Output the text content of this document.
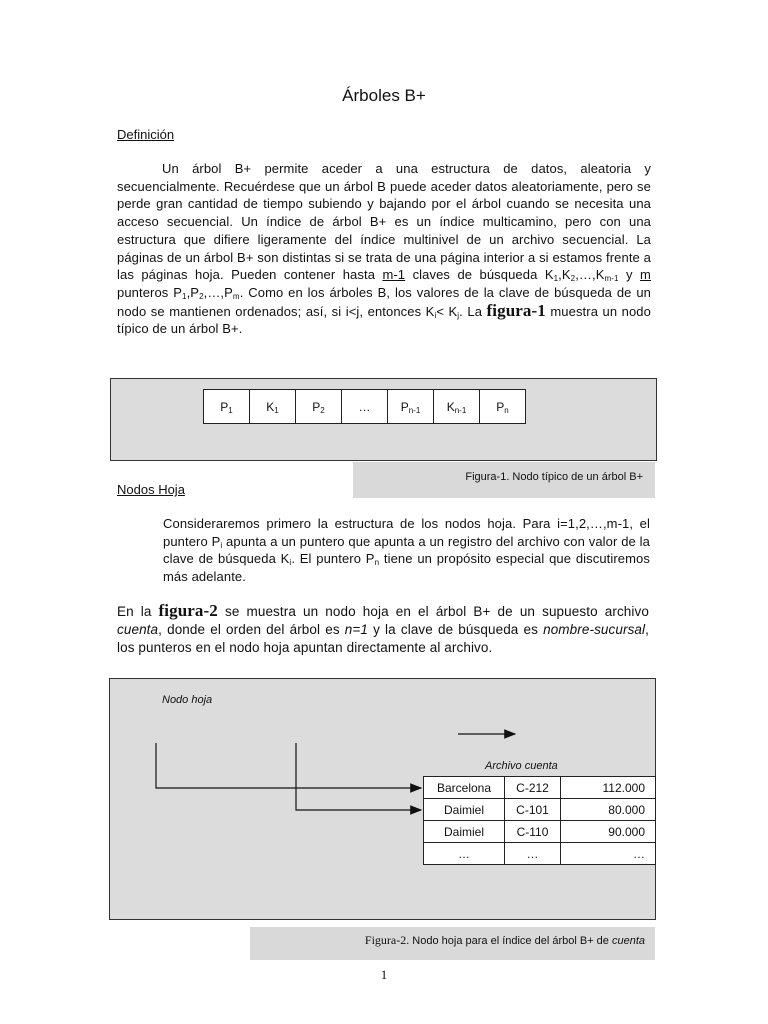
Árboles B+
Definición
Un árbol B+ permite aceder a una estructura de datos, aleatoria y secuencialmente. Recuérdese que un árbol B puede aceder datos aleatoriamente, pero se perde gran cantidad de tiempo subiendo y bajando por el árbol cuando se necesita una acceso secuencial. Un índice de árbol B+ es un índice multicamino, pero con una estructura que difiere ligeramente del índice multinivel de un archivo secuencial. La páginas de un árbol B+ son distintas si se trata de una página interior a si estamos frente a las páginas hoja. Pueden contener hasta m-1 claves de búsqueda $K_1,K_2,\dots,K_{m-1}$ y m punteros $P_1,P_2,\dots,P_m$. Como en los árboles B, los valores de la clave de búsqueda de un nodo se mantienen ordenados; así, si i<j, entonces $K_i< K_j$. La figura-1 muestra un nodo típico de un árbol B+.
$P_1$	$K_1$	$P_2$	…	$P_{n-1}$	$K_{n-1}$	$P_n$
Figura-1. Nodo típico de un árbol B+
Nodos Hoja
Consideraremos primero la estructura de los nodos hoja. Para i=1,2,…,m-1, el puntero $P_i$ apunta a un puntero que apunta a un registro del archivo con valor de la clave de búsqueda $K_i$. El puntero $P_n$ tiene un propósito especial que discutiremos más adelante.
En la figura-2 se muestra un nodo hoja en el árbol B+ de un supuesto archivo cuenta, donde el orden del árbol es n=1 y la clave de búsqueda es nombre-sucursal, los punteros en el nodo hoja apuntan directamente al archivo.
Nodo hoja
Archivo cuenta
Barcelona	C-212	112.000
Daimiel	C-101	80.000
Daimiel	C-110	90.000
…	…	…
Figura-2. Nodo hoja para el índice del árbol B+ de cuenta
1
